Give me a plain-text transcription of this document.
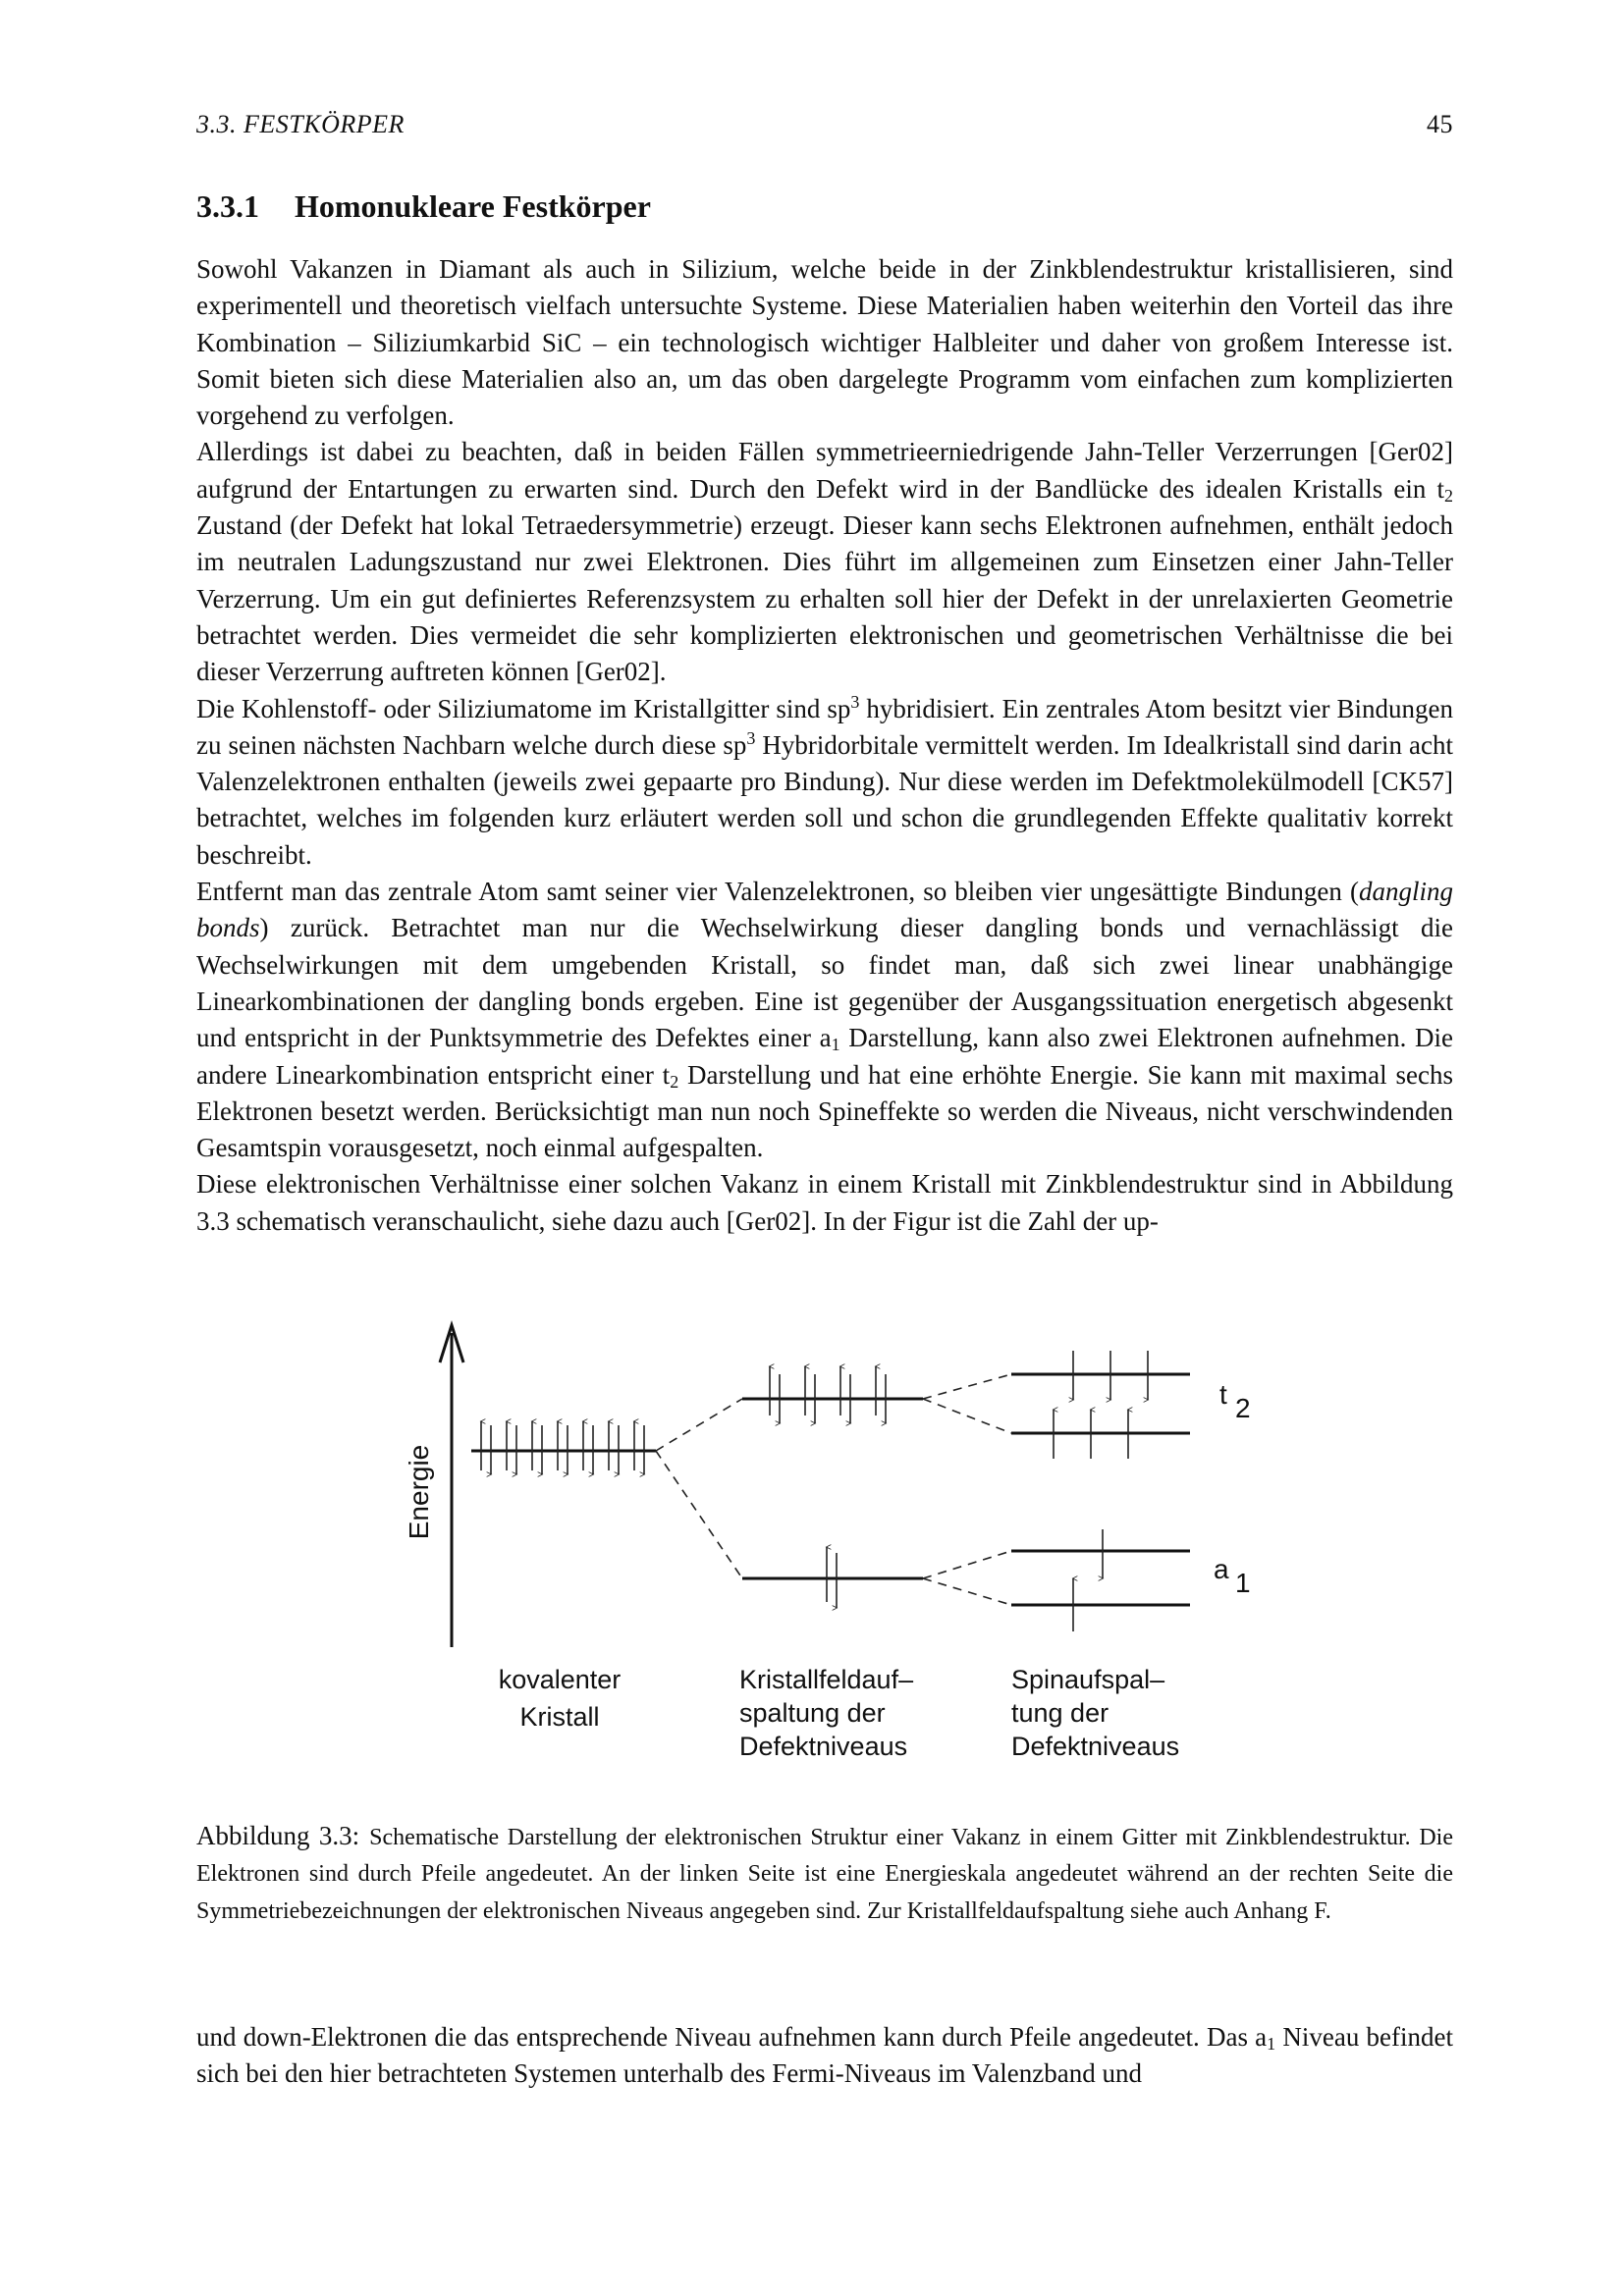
3.3. FESTKÖRPER	45
3.3.1 Homonukleare Festkörper

Sowohl Vakanzen in Diamant als auch in Silizium, welche beide in der Zinkblendestruktur kristallisieren, sind experimentell und theoretisch vielfach untersuchte Systeme. Diese Materialien haben weiterhin den Vorteil das ihre Kombination – Siliziumkarbid SiC – ein technologisch wichtiger Halbleiter und daher von großem Interesse ist. Somit bieten sich diese Materialien also an, um das oben dargelegte Programm vom einfachen zum komplizierten vorgehend zu verfolgen.

Allerdings ist dabei zu beachten, daß in beiden Fällen symmetrieerniedrigende Jahn-Teller Verzerrungen [Ger02] aufgrund der Entartungen zu erwarten sind. Durch den Defekt wird in der Bandlücke des idealen Kristalls ein $t_2$ Zustand (der Defekt hat lokal Tetraedersymmetrie) erzeugt. Dieser kann sechs Elektronen aufnehmen, enthält jedoch im neutralen Ladungszustand nur zwei Elektronen. Dies führt im allgemeinen zum Einsetzen einer Jahn-Teller Verzerrung. Um ein gut definiertes Referenzsystem zu erhalten soll hier der Defekt in der unrelaxierten Geometrie betrachtet werden. Dies vermeidet die sehr komplizierten elektronischen und geometrischen Verhältnisse die bei dieser Verzerrung auftreten können [Ger02].

Die Kohlenstoff- oder Siliziumatome im Kristallgitter sind $sp^3$ hybridisiert. Ein zentrales Atom besitzt vier Bindungen zu seinen nächsten Nachbarn welche durch diese $sp^3$ Hybridorbitale vermittelt werden. Im Idealkristall sind darin acht Valenzelektronen enthalten (jeweils zwei gepaarte pro Bindung). Nur diese werden im Defektmolekülmodell [CK57] betrachtet, welches im folgenden kurz erläutert werden soll und schon die grundlegenden Effekte qualitativ korrekt beschreibt.

Entfernt man das zentrale Atom samt seiner vier Valenzelektronen, so bleiben vier ungesättigte Bindungen (dangling bonds) zurück. Betrachtet man nur die Wechselwirkung dieser dangling bonds und vernachlässigt die Wechselwirkungen mit dem umgebenden Kristall, so findet man, daß sich zwei linear unabhängige Linearkombinationen der dangling bonds ergeben. Eine ist gegenüber der Ausgangssituation energetisch abgesenkt und entspricht in der Punktsymmetrie des Defektes einer $a_1$ Darstellung, kann also zwei Elektronen aufnehmen. Die andere Linearkombination entspricht einer $t_2$ Darstellung und hat eine erhöhte Energie. Sie kann mit maximal sechs Elektronen besetzt werden. Berücksichtigt man nun noch Spineffekte so werden die Niveaus, nicht verschwindenden Gesamtspin vorausgesetzt, noch einmal aufgespalten.

Diese elektronischen Verhältnisse einer solchen Vakanz in einem Kristall mit Zinkblendestruktur sind in Abbildung 3.3 schematisch veranschaulicht, siehe dazu auch [Ger02]. In der Figur ist die Zahl der up-

Energie
t 2
a 1
kovalenter
Kristall
Kristallfeldauf–
spaltung der
Defektniveaus
Spinaufspal–
tung der
Defektniveaus
Abbildung 3.3: Schematische Darstellung der elektronischen Struktur einer Vakanz in einem Gitter mit Zinkblendestruktur. Die Elektronen sind durch Pfeile angedeutet. An der linken Seite ist eine Energieskala angedeutet während an der rechten Seite die Symmetriebezeichnungen der elektronischen Niveaus angegeben sind. Zur Kristallfeldaufspaltung siehe auch Anhang F.
und down-Elektronen die das entsprechende Niveau aufnehmen kann durch Pfeile angedeutet. Das $a_1$ Niveau befindet sich bei den hier betrachteten Systemen unterhalb des Fermi-Niveaus im Valenzband und
